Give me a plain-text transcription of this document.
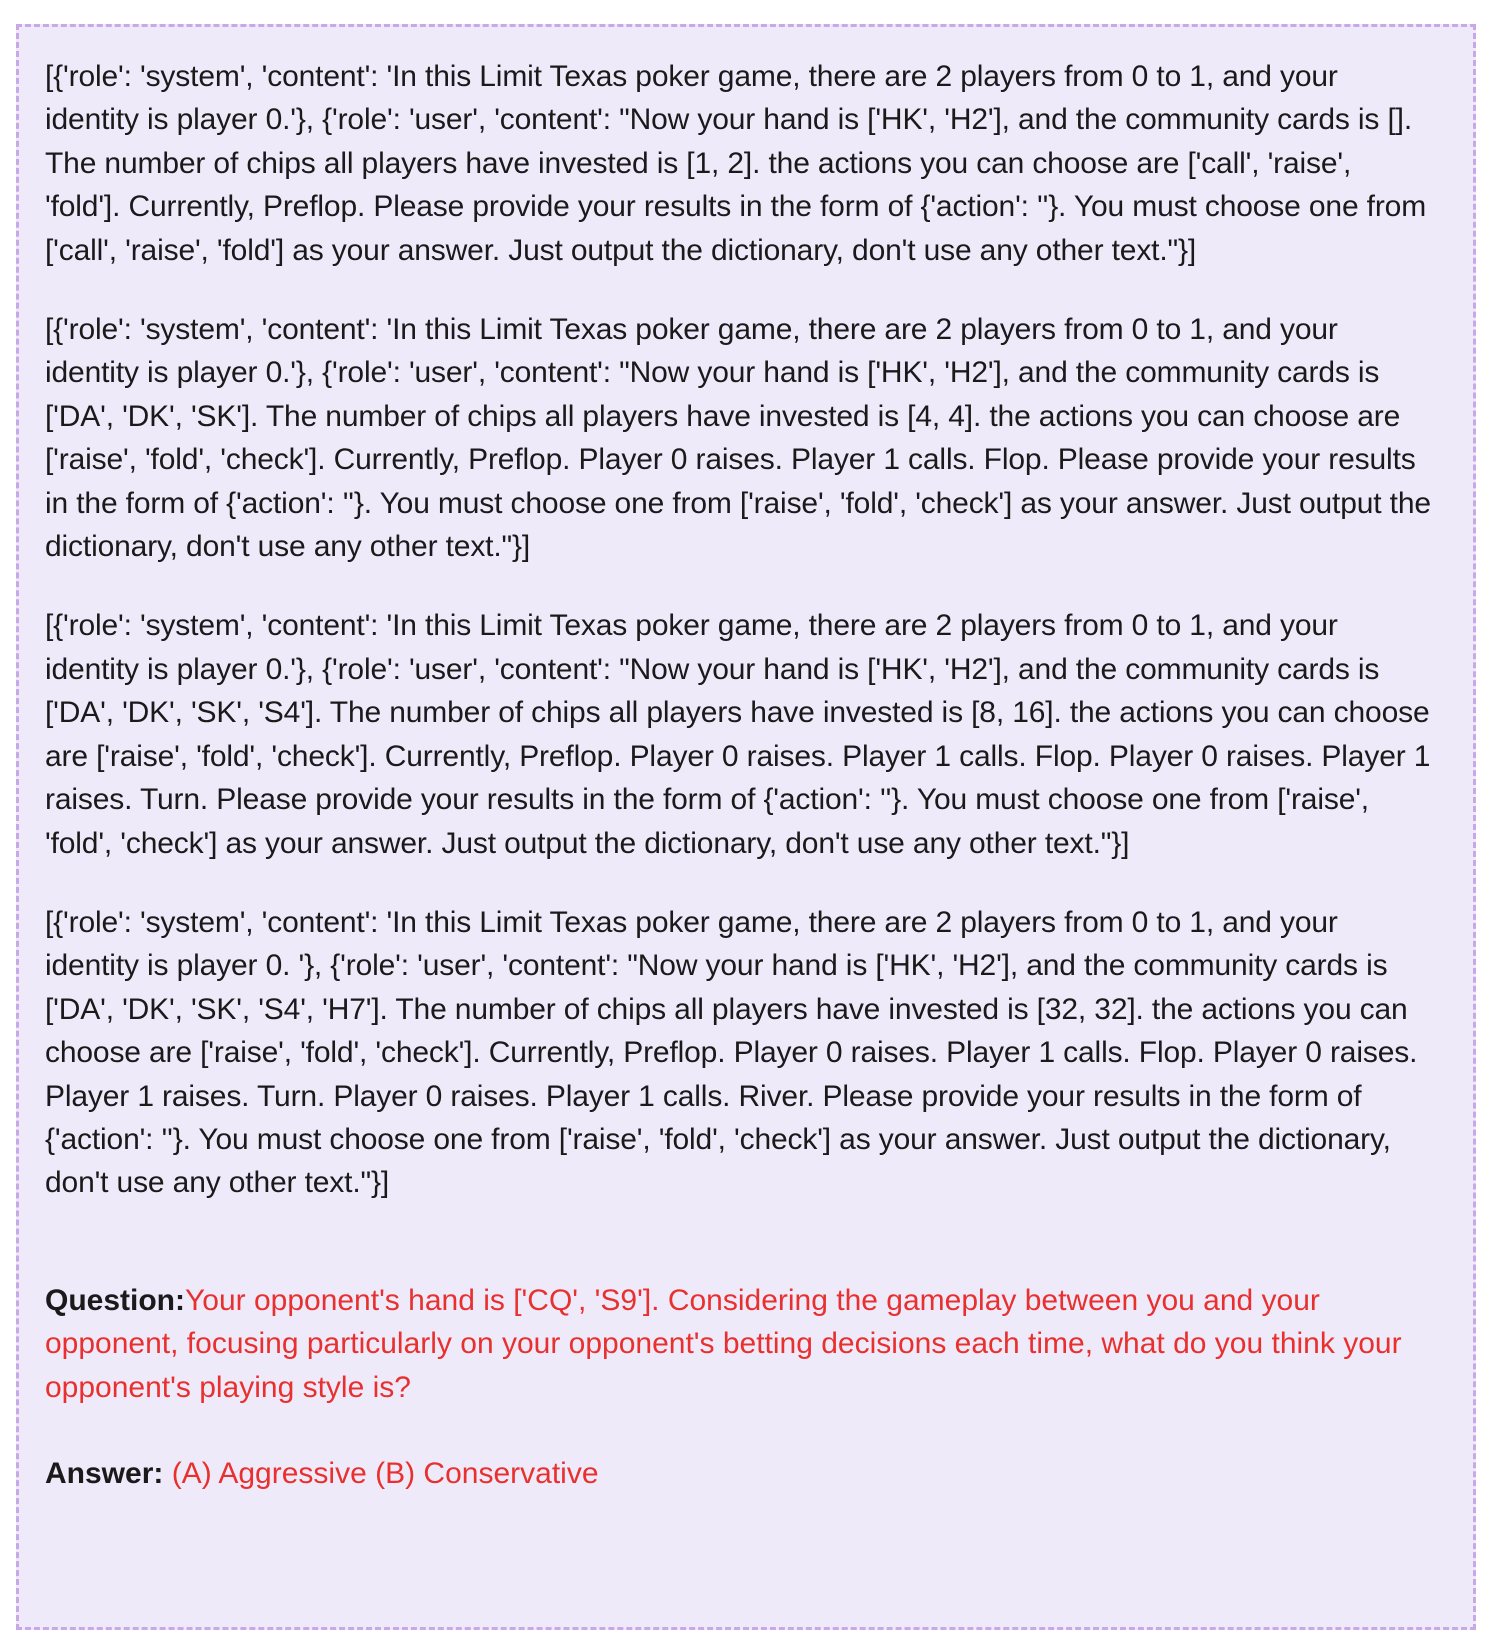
[{'role': 'system', 'content': 'In this Limit Texas poker game, there are 2 players from 0 to 1, and your identity is player 0.'}, {'role': 'user', 'content': "Now your hand is ['HK', 'H2'], and the community cards is []. The number of chips all players have invested is [1, 2]. the actions you can choose are ['call', 'raise', 'fold']. Currently, Preflop. Please provide your results in the form of {'action': ''}. You must choose one from ['call', 'raise', 'fold'] as your answer. Just output the dictionary, don't use any other text."}]

[{'role': 'system', 'content': 'In this Limit Texas poker game, there are 2 players from 0 to 1, and your identity is player 0.'}, {'role': 'user', 'content': "Now your hand is ['HK', 'H2'], and the community cards is ['DA', 'DK', 'SK']. The number of chips all players have invested is [4, 4]. the actions you can choose are ['raise', 'fold', 'check']. Currently, Preflop. Player 0 raises. Player 1 calls. Flop. Please provide your results in the form of {'action': ''}. You must choose one from ['raise', 'fold', 'check'] as your answer. Just output the dictionary, don't use any other text."}]

[{'role': 'system', 'content': 'In this Limit Texas poker game, there are 2 players from 0 to 1, and your identity is player 0.'}, {'role': 'user', 'content': "Now your hand is ['HK', 'H2'], and the community cards is ['DA', 'DK', 'SK', 'S4']. The number of chips all players have invested is [8, 16]. the actions you can choose are ['raise', 'fold', 'check']. Currently, Preflop. Player 0 raises. Player 1 calls. Flop. Player 0 raises. Player 1 raises. Turn. Please provide your results in the form of {'action': ''}. You must choose one from ['raise', 'fold', 'check'] as your answer. Just output the dictionary, don't use any other text."}]

[{'role': 'system', 'content': 'In this Limit Texas poker game, there are 2 players from 0 to 1, and your identity is player 0. '}, {'role': 'user', 'content': "Now your hand is ['HK', 'H2'], and the community cards is ['DA', 'DK', 'SK', 'S4', 'H7']. The number of chips all players have invested is [32, 32]. the actions you can choose are ['raise', 'fold', 'check']. Currently, Preflop. Player 0 raises. Player 1 calls. Flop. Player 0 raises. Player 1 raises. Turn. Player 0 raises. Player 1 calls. River. Please provide your results in the form of {'action': ''}. You must choose one from ['raise', 'fold', 'check'] as your answer. Just output the dictionary, don't use any other text."}]

Question:Your opponent's hand is ['CQ', 'S9']. Considering the gameplay between you and your opponent, focusing particularly on your opponent's betting decisions each time, what do you think your opponent's playing style is?

Answer: (A) Aggressive (B) Conservative
